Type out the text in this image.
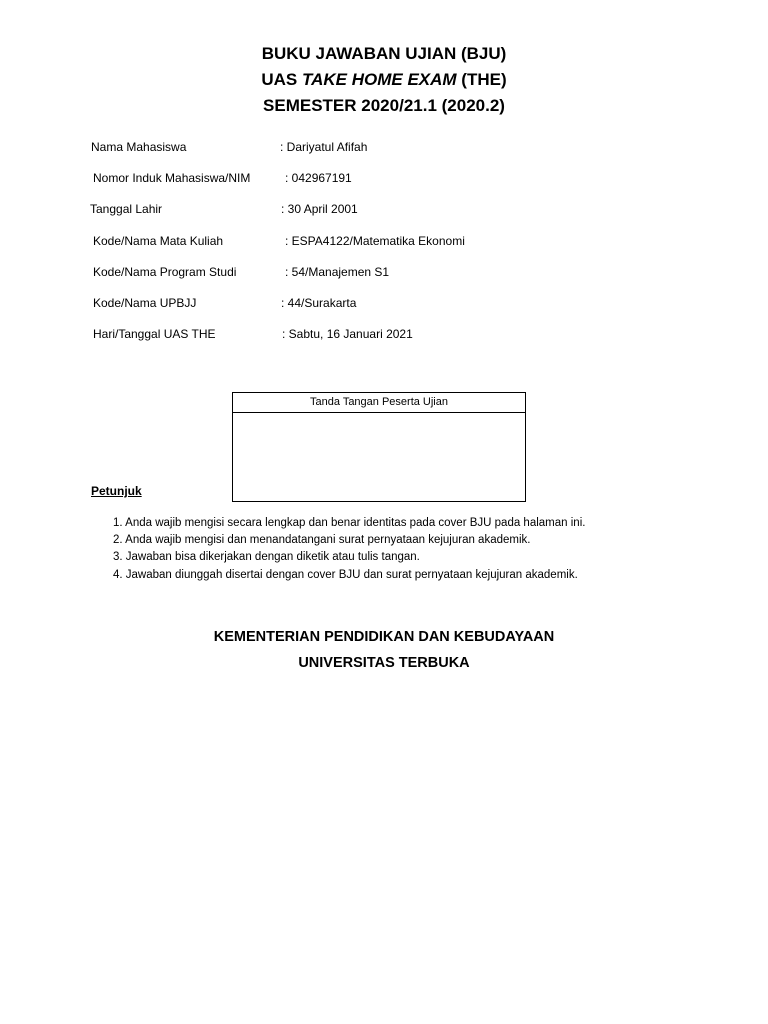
BUKU JAWABAN UJIAN (BJU)
UAS TAKE HOME EXAM (THE)
SEMESTER 2020/21.1 (2020.2)
Nama Mahasiswa	: Dariyatul Afifah
Nomor Induk Mahasiswa/NIM	: 042967191
Tanggal Lahir	: 30 April 2001
Kode/Nama Mata Kuliah	: ESPA4122/Matematika Ekonomi
Kode/Nama Program Studi	: 54/Manajemen S1
Kode/Nama UPBJJ	: 44/Surakarta
Hari/Tanggal UAS THE	: Sabtu, 16 Januari 2021
Tanda Tangan Peserta Ujian
Petunjuk
1. Anda wajib mengisi secara lengkap dan benar identitas pada cover BJU pada halaman ini.
2. Anda wajib mengisi dan menandatangani surat pernyataan kejujuran akademik.
3. Jawaban bisa dikerjakan dengan diketik atau tulis tangan.
4. Jawaban diunggah disertai dengan cover BJU dan surat pernyataan kejujuran akademik.
KEMENTERIAN PENDIDIKAN DAN KEBUDAYAAN
UNIVERSITAS TERBUKA
